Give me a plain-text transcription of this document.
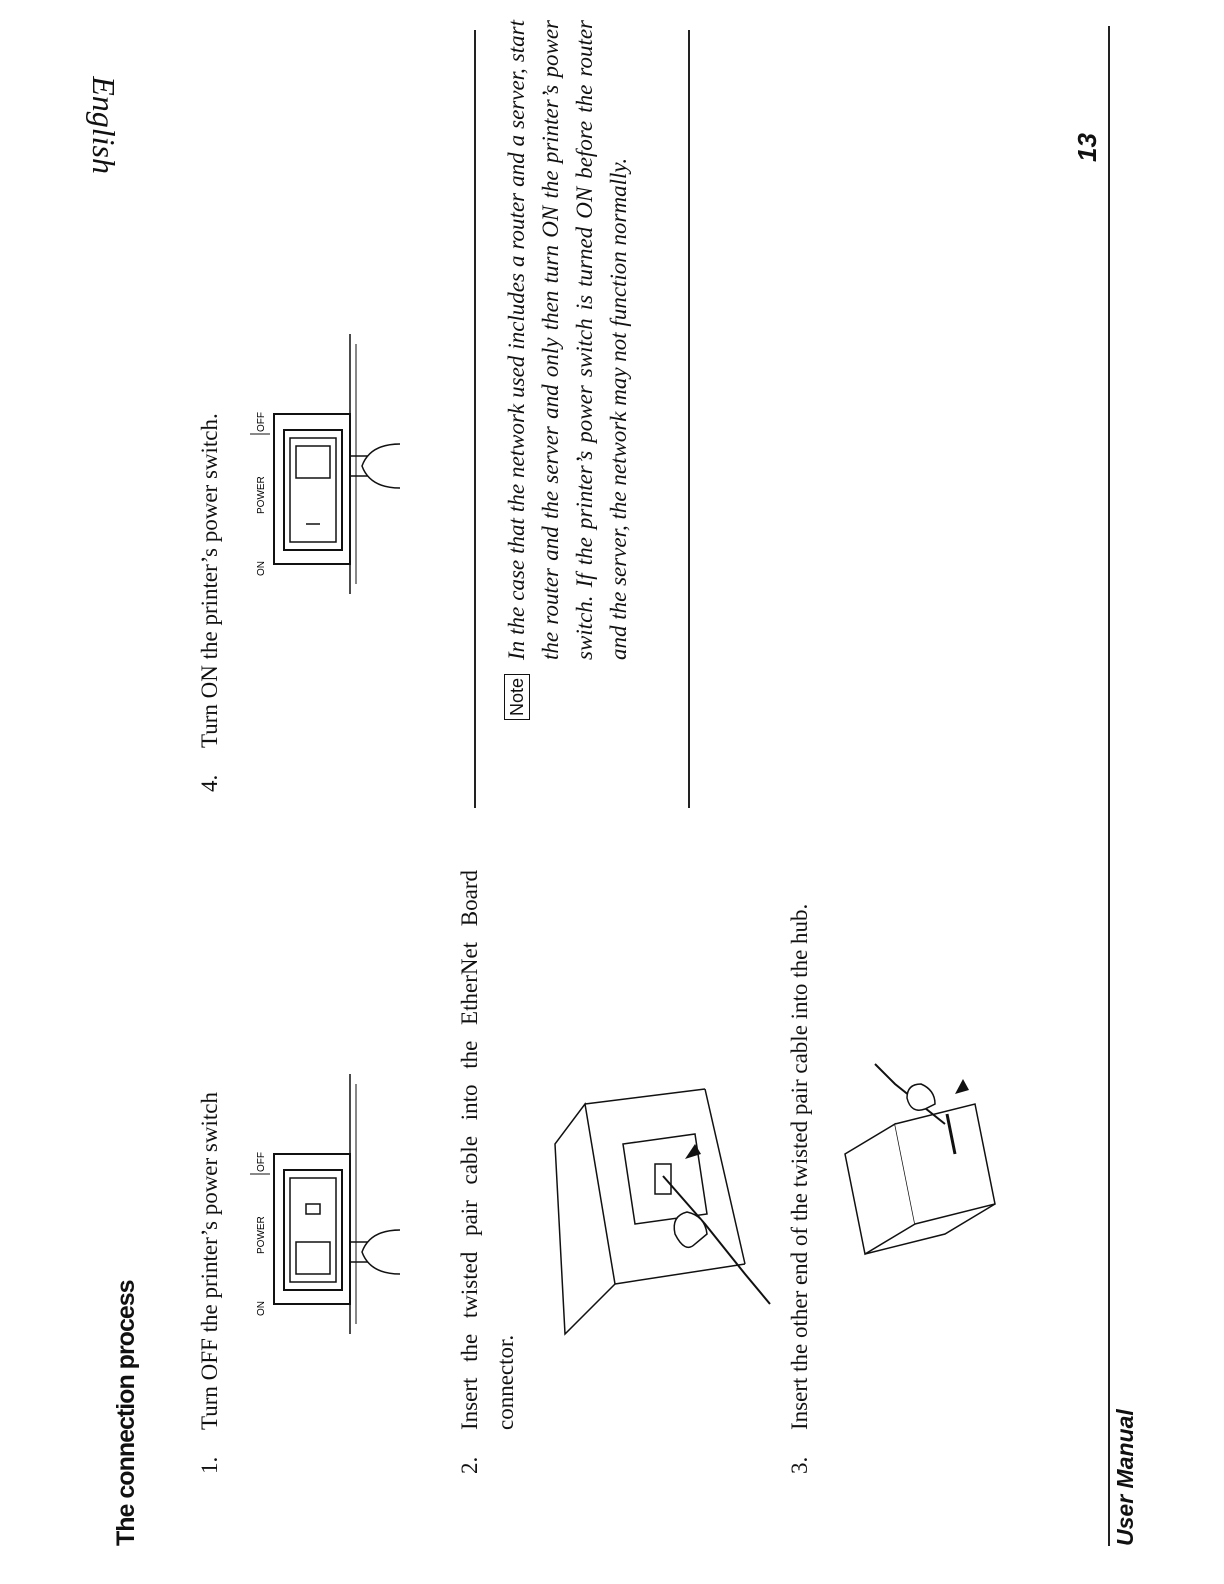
English
The connection process 1.
Turn OFF the printer’s power switch	ON
POWER
OFF
2.
Insert the twisted pair cable into the EtherNet Board connector.
3.
Insert the other end of the twisted pair cable into the hub.
4.
Turn ON the printer’s power switch.	ON
POWER
OFF
Note
In the case that the network used includes a router and a server, start the router and the server and only then turn ON the printer’s power switch. If the printer’s power switch is turned ON before the router and the server, the network may not function normally.
User Manual
13
